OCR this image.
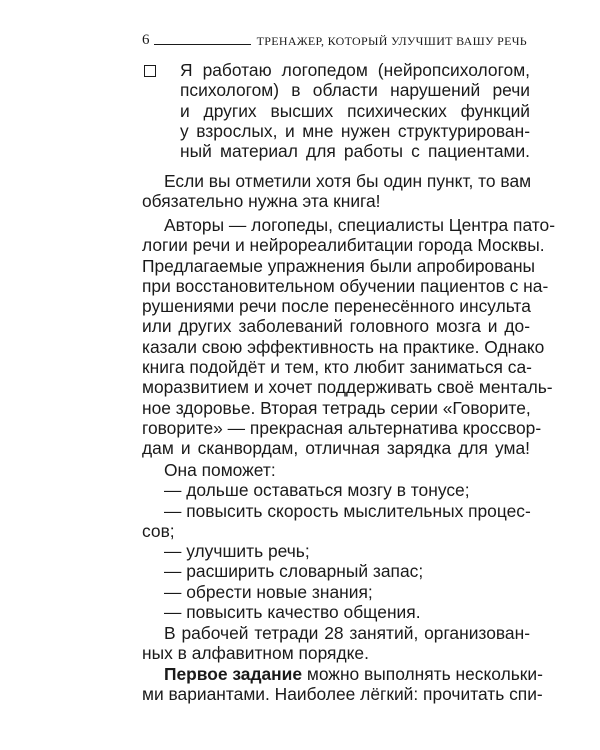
6	ТРЕНАЖЕР, КОТОРЫЙ УЛУЧШИТ ВАШУ РЕЧЬ
Я работаю логопедом (нейропсихологом,
психологом) в области нарушений речи
и других высших психических функций
у взрослых, и мне нужен структурирован-
ный материал для работы с пациентами.
Если вы отметили хотя бы один пункт, то вам
обязательно нужна эта книга!
Авторы — логопеды, специалисты Центра пато-
логии речи и нейрореалибитации города Москвы.
Предлагаемые упражнения были апробированы
при восстановительном обучении пациентов с на-
рушениями речи после перенесённого инсульта
или других заболеваний головного мозга и до-
казали свою эффективность на практике. Однако
книга подойдёт и тем, кто любит заниматься са-
моразвитием и хочет поддерживать своё менталь-
ное здоровье. Вторая тетрадь серии «Говорите,
говорите» — прекрасная альтернатива кроссвор-
дам и сканвордам, отличная зарядка для ума!
Она поможет:
— дольше оставаться мозгу в тонусе;
— повысить скорость мыслительных процес-
сов;
— улучшить речь;
— расширить словарный запас;
— обрести новые знания;
— повысить качество общения.
В рабочей тетради 28 занятий, организован-
ных в алфавитном порядке.
Первое задание можно выполнять нескольки-
ми вариантами. Наиболее лёгкий: прочитать спи-
